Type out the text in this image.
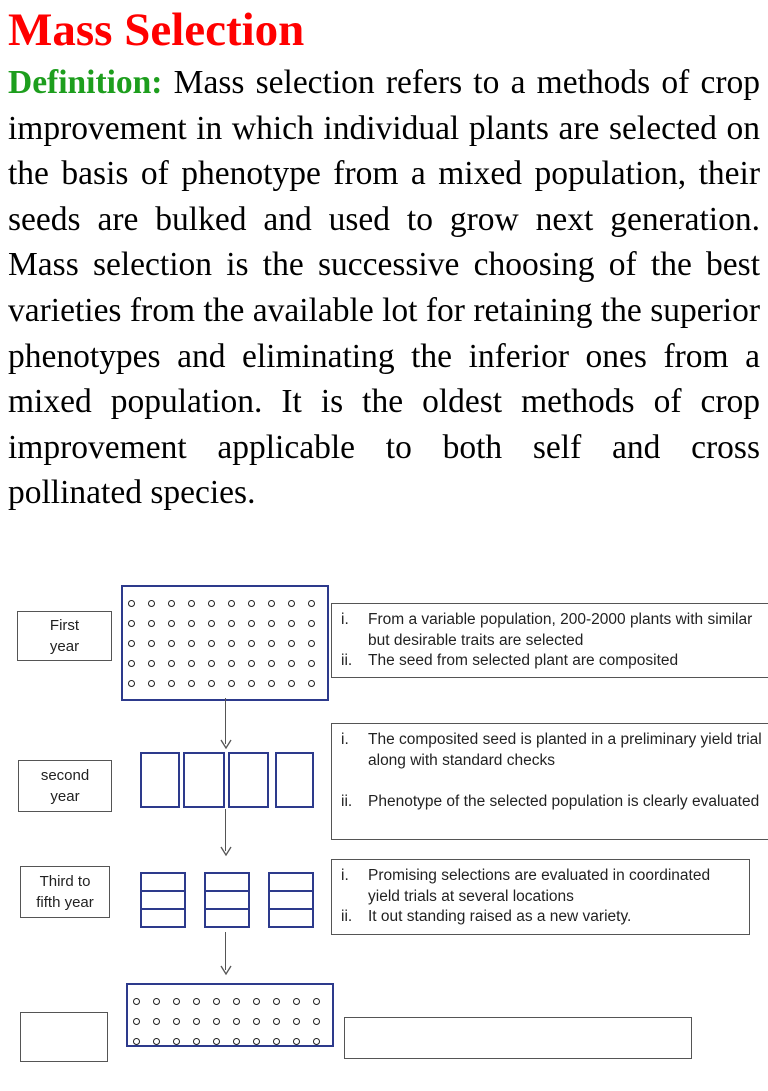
Mass Selection

Definition: Mass selection refers to a methods of crop improvement in which individual plants are selected on the basis of phenotype from a mixed population, their seeds are bulked and used to grow next generation. Mass selection is the successive choosing of the best varieties from the available lot for retaining the superior phenotypes and eliminating the inferior ones from a mixed population. It is the oldest methods of crop improvement applicable to both self and cross pollinated species.

First
year
i. From a variable population, 200-2000 plants with similar but desirable traits are selected
ii. The seed from selected plant are composited
second
year
i. The composited seed is planted in a preliminary yield trial along with standard checks
ii. Phenotype of the selected population is clearly evaluated
Third to
fifth year
i. Promising selections are evaluated in coordinated yield trials at several locations
ii. It out standing raised as a new variety.
